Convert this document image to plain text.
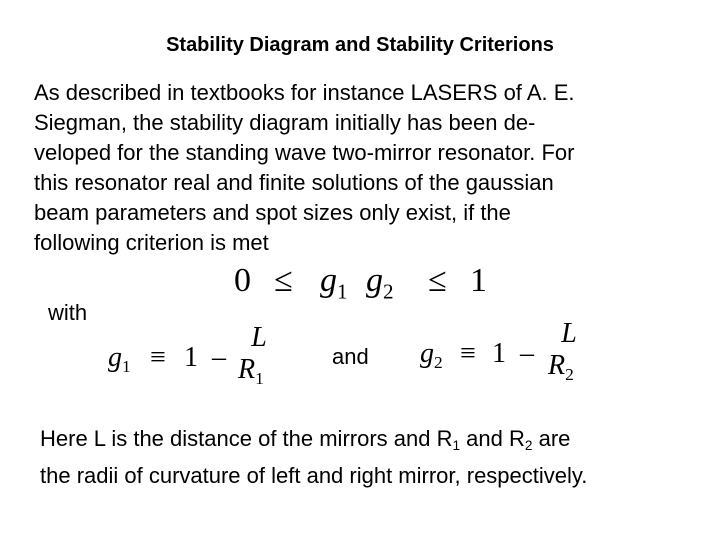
Stability Diagram and Stability Criterions
As described in textbooks for instance LASERS of A. E.
Siegman, the stability diagram initially has been de-
veloped for the standing wave two-mirror resonator. For
this resonator real and finite solutions of the gaussian
beam parameters and spot sizes only exist, if the
following criterion is met
$0 \le g_1$ $g_2 \le 1$
with
$g_1 \equiv 1$ –
L
$R_1$
and $g_2 \equiv 1$ –
L
$R_2$
Here L is the distance of the mirrors and $R_1$ and $R_2$ are
the radii of curvature of left and right mirror, respectively.
